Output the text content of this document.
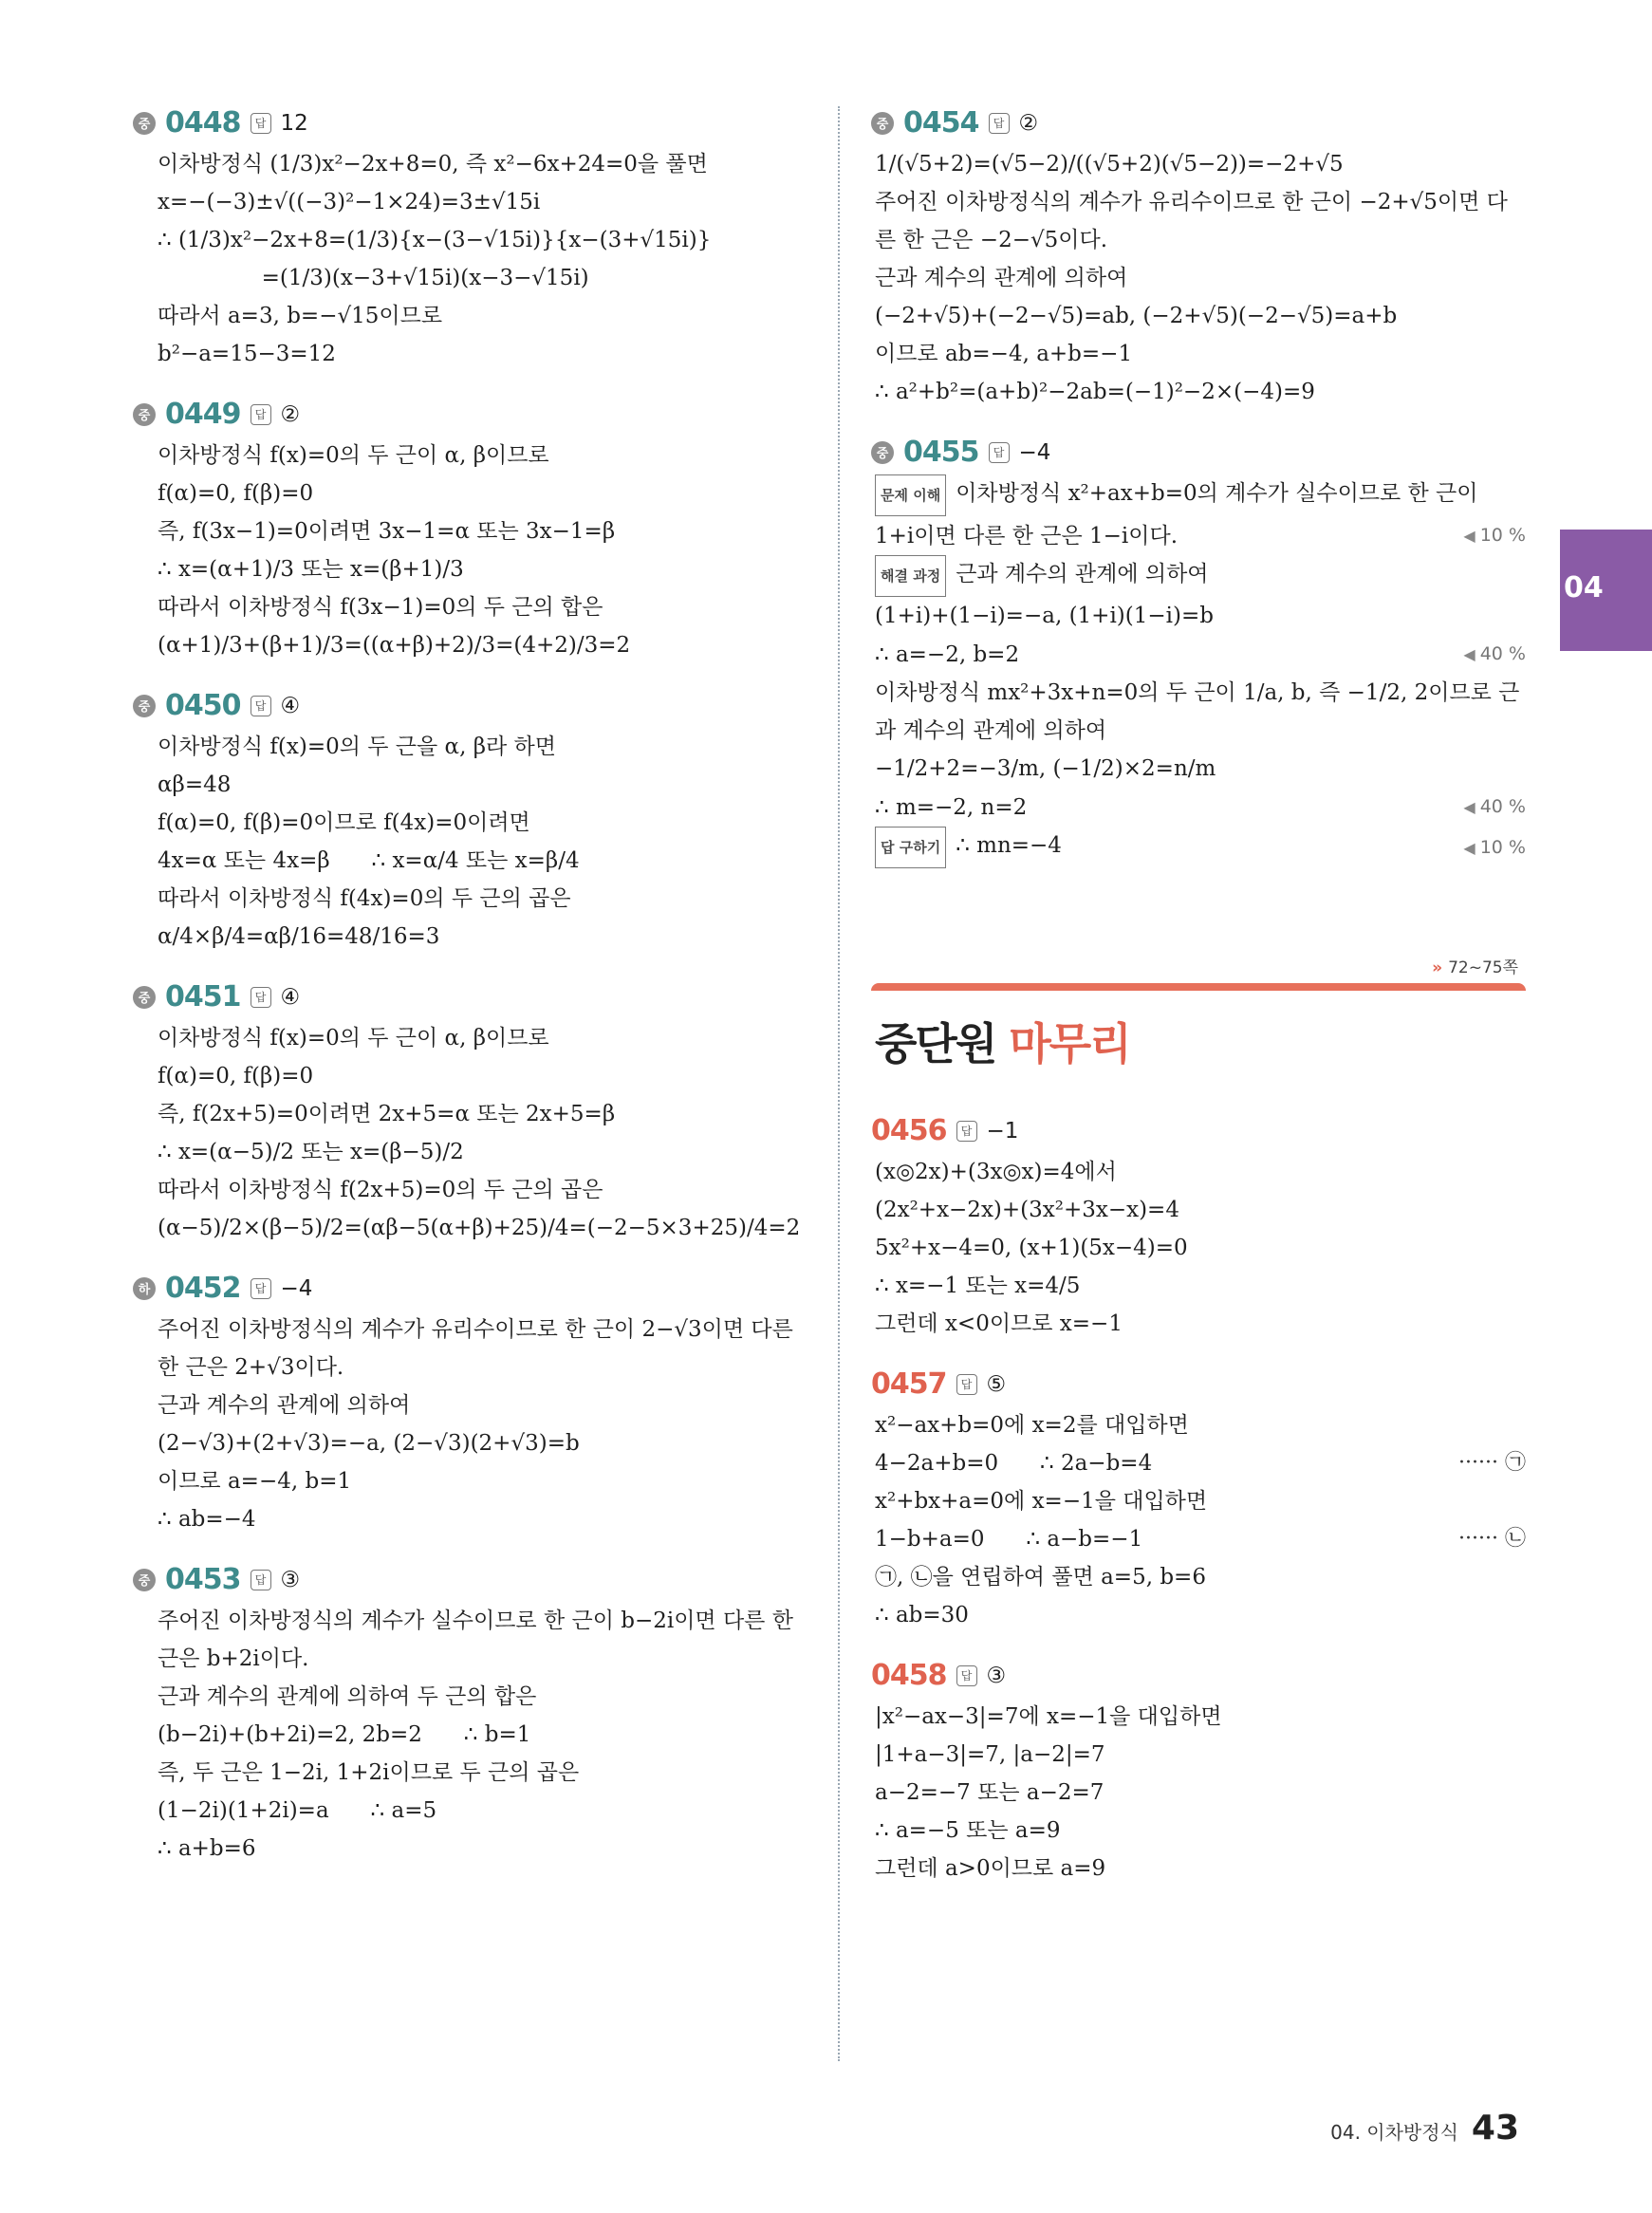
중 0448	답 12
이차방정식 (1/3)x²−2x+8=0, 즉 x²−6x+24=0을 풀면
x=−(−3)±√((−3)²−1×24)=3±√15i
∴ (1/3)x²−2x+8=(1/3){x−(3−√15i)}{x−(3+√15i)}
=(1/3)(x−3+√15i)(x−3−√15i)
따라서 a=3, b=−√15이므로
b²−a=15−3=12
중 0449	답 ②
이차방정식 f(x)=0의 두 근이 α, β이므로
f(α)=0, f(β)=0
즉, f(3x−1)=0이려면 3x−1=α 또는 3x−1=β
∴ x=(α+1)/3 또는 x=(β+1)/3
따라서 이차방정식 f(3x−1)=0의 두 근의 합은
(α+1)/3+(β+1)/3=((α+β)+2)/3=(4+2)/3=2
중 0450	답 ④
이차방정식 f(x)=0의 두 근을 α, β라 하면
αβ=48
f(α)=0, f(β)=0이므로 f(4x)=0이려면
4x=α 또는 4x=β      ∴ x=α/4 또는 x=β/4
따라서 이차방정식 f(4x)=0의 두 근의 곱은
α/4×β/4=αβ/16=48/16=3
중 0451	답 ④
이차방정식 f(x)=0의 두 근이 α, β이므로
f(α)=0, f(β)=0
즉, f(2x+5)=0이려면 2x+5=α 또는 2x+5=β
∴ x=(α−5)/2 또는 x=(β−5)/2
따라서 이차방정식 f(2x+5)=0의 두 근의 곱은
(α−5)/2×(β−5)/2=(αβ−5(α+β)+25)/4=(−2−5×3+25)/4=2
하 0452	답 −4
주어진 이차방정식의 계수가 유리수이므로 한 근이 2−√3이면 다른
한 근은 2+√3이다.
근과 계수의 관계에 의하여
(2−√3)+(2+√3)=−a, (2−√3)(2+√3)=b
이므로 a=−4, b=1
∴ ab=−4
중 0453	답 ③
주어진 이차방정식의 계수가 실수이므로 한 근이 b−2i이면 다른 한
근은 b+2i이다.
근과 계수의 관계에 의하여 두 근의 합은
(b−2i)+(b+2i)=2, 2b=2      ∴ b=1
즉, 두 근은 1−2i, 1+2i이므로 두 근의 곱은
(1−2i)(1+2i)=a      ∴ a=5
∴ a+b=6
중 0454	답 ②
1/(√5+2)=(√5−2)/((√5+2)(√5−2))=−2+√5
주어진 이차방정식의 계수가 유리수이므로 한 근이 −2+√5이면 다
른 한 근은 −2−√5이다.
근과 계수의 관계에 의하여
(−2+√5)+(−2−√5)=ab, (−2+√5)(−2−√5)=a+b
이므로 ab=−4, a+b=−1
∴ a²+b²=(a+b)²−2ab=(−1)²−2×(−4)=9
중 0455	답 −4
문제 이해 이차방정식 x²+ax+b=0의 계수가 실수이므로 한 근이
1+i이면 다른 한 근은 1−i이다.	◀ 10 %
해결 과정 근과 계수의 관계에 의하여
(1+i)+(1−i)=−a, (1+i)(1−i)=b
∴ a=−2, b=2	◀ 40 %
이차방정식 mx²+3x+n=0의 두 근이 1/a, b, 즉 −1/2, 2이므로 근
과 계수의 관계에 의하여
−1/2+2=−3/m, (−1/2)×2=n/m
∴ m=−2, n=2	◀ 40 %
답 구하기 ∴ mn=−4	◀ 10 %
» 72~75쪽
중단원 마무리
0456	답 −1
(x◎2x)+(3x◎x)=4에서
(2x²+x−2x)+(3x²+3x−x)=4
5x²+x−4=0, (x+1)(5x−4)=0
∴ x=−1 또는 x=4/5
그런데 x<0이므로 x=−1
0457	답 ⑤
x²−ax+b=0에 x=2를 대입하면
4−2a+b=0      ∴ 2a−b=4	······ ㉠
x²+bx+a=0에 x=−1을 대입하면
1−b+a=0      ∴ a−b=−1	······ ㉡
㉠, ㉡을 연립하여 풀면 a=5, b=6
∴ ab=30
0458	답 ③
|x²−ax−3|=7에 x=−1을 대입하면
|1+a−3|=7, |a−2|=7
a−2=−7 또는 a−2=7
∴ a=−5 또는 a=9
그런데 a>0이므로 a=9
04
04. 이차방정식 43
